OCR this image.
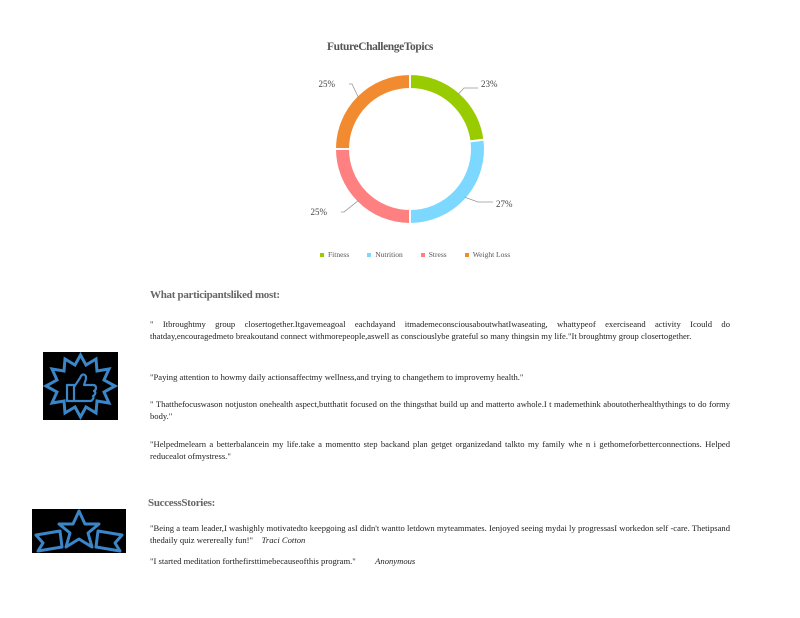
FutureChallengeTopics
23%
27%
25%
25%
Fitness	Nutrition	Stress	Weight Loss
What participantsliked most:
" Itbroughtmy group closertogether.Itgavemeagoal eachdayand itmademeconsciousaboutwhatIwaseating, whattypeof exerciseand activity Icould do thatday,encouragedmeto breakoutand connect withmorepeople,aswell as consciouslybe grateful so many thingsin my life."It broughtmy group closertogether.
"Paying attention to howmy daily actionsaffectmy wellness,and trying to changethem to improvemy health."
" Thatthefocuswason notjuston onehealth aspect,butthatit focused on the thingsthat build up and matterto awhole.I t mademethink aboutotherhealthythings to do formy body."
"Helpedmelearn a betterbalancein my life.take a momentto step backand plan getget organizedand talkto my family whe n i gethomeforbetterconnections. Helped reducealot ofmystress."
SuccessStories:
"Being a team leader,I washighly motivatedto keepgoing asI didn't wantto letdown myteammates. Ienjoyed seeing mydai ly progressasI workedon self -care. Thetipsand thedaily quiz werereally fun!" Traci Cotton
"I started meditation forthefirsttimebecauseofthis program." Anonymous
